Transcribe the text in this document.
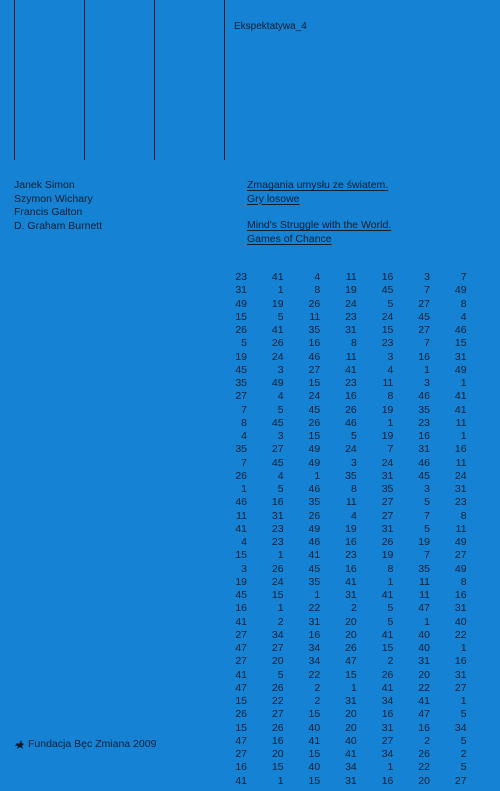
Ekspektatywa_4
Janek Simon
Szymon Wichary
Francis Galton
D. Graham Burnett
Zmagania umysłu ze światem.
Gry losowe
Mind's Struggle with the World.
Games of Chance
23	41	4	11	16	3	7
31	1	8	19	45	7	49
49	19	26	24	5	27	8
15	5	11	23	24	45	4
26	41	35	31	15	27	46
5	26	16	8	23	7	15
19	24	46	11	3	16	31
45	3	27	41	4	1	49
35	49	15	23	11	3	1
27	4	24	16	8	46	41
7	5	45	26	19	35	41
8	45	26	46	1	23	11
4	3	15	5	19	16	1
35	27	49	24	7	31	16
7	45	49	3	24	46	11
26	4	1	35	31	45	24
1	5	46	8	35	3	31
46	16	35	11	27	5	23
11	31	26	4	27	7	8
41	23	49	19	31	5	11
4	23	46	16	26	19	49
15	1	41	23	19	7	27
3	26	45	16	8	35	49
19	24	35	41	1	11	8
45	15	1	31	41	11	16
16	1	22	2	5	47	31
41	2	31	20	5	1	40
27	34	16	20	41	40	22
47	27	34	26	15	40	1
27	20	34	47	2	31	16
41	5	22	15	26	20	31
47	26	2	1	41	22	27
15	22	2	31	34	41	1
26	27	15	20	16	47	5
15	26	40	20	31	16	34
47	16	41	40	27	2	5
27	20	15	41	34	26	2
16	15	40	34	1	22	5
41	1	15	31	16	20	27
Fundacja Bęc Zmiana 2009
